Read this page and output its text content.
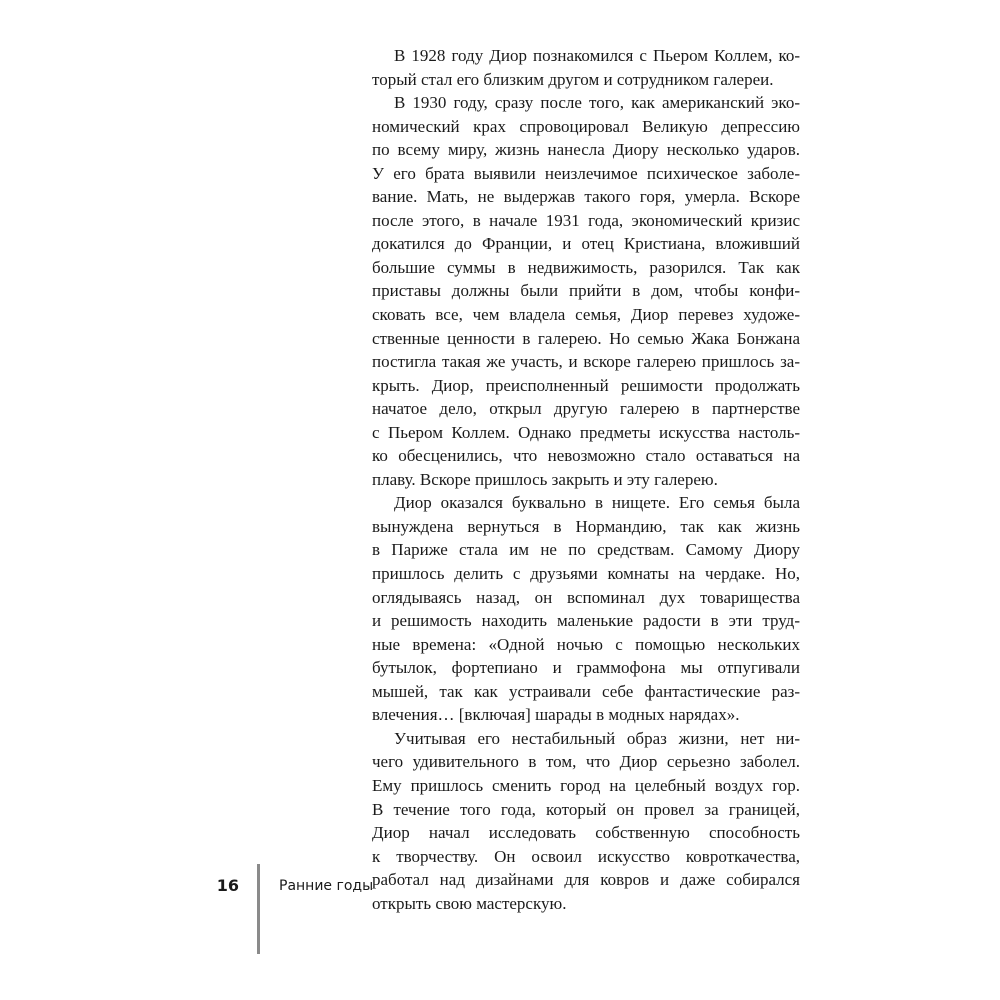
В 1928 году Диор познакомился с Пьером Коллем, ко-
торый стал его близким другом и сотрудником галереи.
В 1930 году, сразу после того, как американский эко-
номический крах спровоцировал Великую депрессию
по всему миру, жизнь нанесла Диору несколько ударов.
У его брата выявили неизлечимое психическое заболе-
вание. Мать, не выдержав такого горя, умерла. Вскоре
после этого, в начале 1931 года, экономический кризис
докатился до Франции, и отец Кристиана, вложивший
большие суммы в недвижимость, разорился. Так как
приставы должны были прийти в дом, чтобы конфи-
сковать все, чем владела семья, Диор перевез художе-
ственные ценности в галерею. Но семью Жака Бонжана
постигла такая же участь, и вскоре галерею пришлось за-
крыть. Диор, преисполненный решимости продолжать
начатое дело, открыл другую галерею в партнерстве
с Пьером Коллем. Однако предметы искусства настоль-
ко обесценились, что невозможно стало оставаться на
плаву. Вскоре пришлось закрыть и эту галерею.
Диор оказался буквально в нищете. Его семья была
вынуждена вернуться в Нормандию, так как жизнь
в Париже стала им не по средствам. Самому Диору
пришлось делить с друзьями комнаты на чердаке. Но,
оглядываясь назад, он вспоминал дух товарищества
и решимость находить маленькие радости в эти труд-
ные времена: «Одной ночью с помощью нескольких
бутылок, фортепиано и граммофона мы отпугивали
мышей, так как устраивали себе фантастические раз-
влечения… [включая] шарады в модных нарядах».
Учитывая его нестабильный образ жизни, нет ни-
чего удивительного в том, что Диор серьезно заболел.
Ему пришлось сменить город на целебный воздух гор.
В течение того года, который он провел за границей,
Диор начал исследовать собственную способность
к творчеству. Он освоил искусство ковроткачества,
работал над дизайнами для ковров и даже собирался
открыть свою мастерскую.
16	Ранние годы
